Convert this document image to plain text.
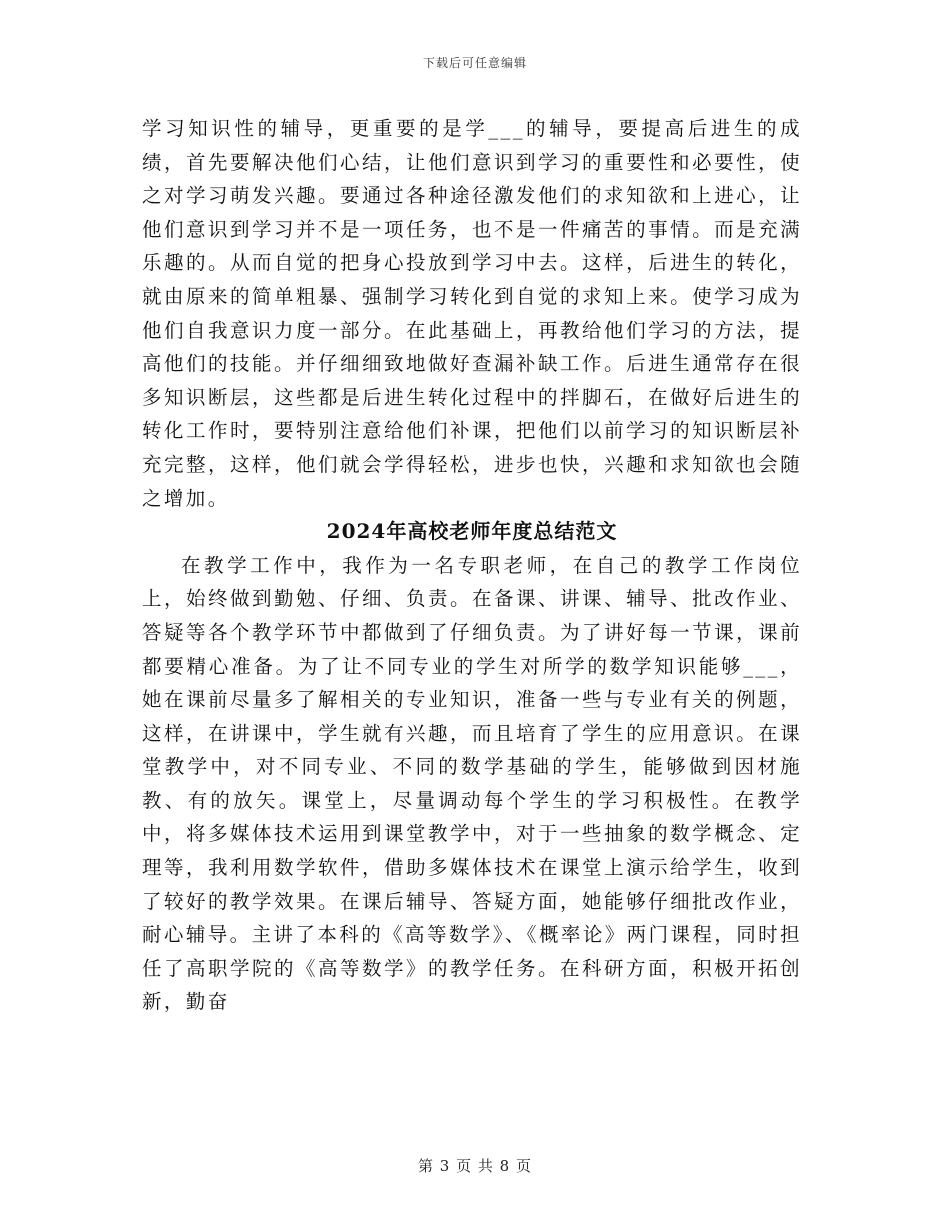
下载后可任意编辑

学习知识性的辅导，更重要的是学___的辅导，要提高后进生的成绩，首先要解决他们心结，让他们意识到学习的重要性和必要性，使之对学习萌发兴趣。要通过各种途径激发他们的求知欲和上进心，让他们意识到学习并不是一项任务，也不是一件痛苦的事情。而是充满乐趣的。从而自觉的把身心投放到学习中去。这样，后进生的转化，就由原来的简单粗暴、强制学习转化到自觉的求知上来。使学习成为他们自我意识力度一部分。在此基础上，再教给他们学习的方法，提高他们的技能。并仔细细致地做好查漏补缺工作。后进生通常存在很多知识断层，这些都是后进生转化过程中的拌脚石，在做好后进生的转化工作时，要特别注意给他们补课，把他们以前学习的知识断层补充完整，这样，他们就会学得轻松，进步也快，兴趣和求知欲也会随之增加。

2024年高校老师年度总结范文

在教学工作中，我作为一名专职老师，在自己的教学工作岗位上，始终做到勤勉、仔细、负责。在备课、讲课、辅导、批改作业、答疑等各个教学环节中都做到了仔细负责。为了讲好每一节课，课前都要精心准备。为了让不同专业的学生对所学的数学知识能够___，她在课前尽量多了解相关的专业知识，准备一些与专业有关的例题，这样，在讲课中，学生就有兴趣，而且培育了学生的应用意识。在课堂教学中，对不同专业、不同的数学基础的学生，能够做到因材施教、有的放矢。课堂上，尽量调动每个学生的学习积极性。在教学中，将多媒体技术运用到课堂教学中，对于一些抽象的数学概念、定理等，我利用数学软件，借助多媒体技术在课堂上演示给学生，收到了较好的教学效果。在课后辅导、答疑方面，她能够仔细批改作业，耐心辅导。主讲了本科的《高等数学》、《概率论》两门课程，同时担任了高职学院的《高等数学》的教学任务。在科研方面，积极开拓创新，勤奋

第 3 页 共 8 页
